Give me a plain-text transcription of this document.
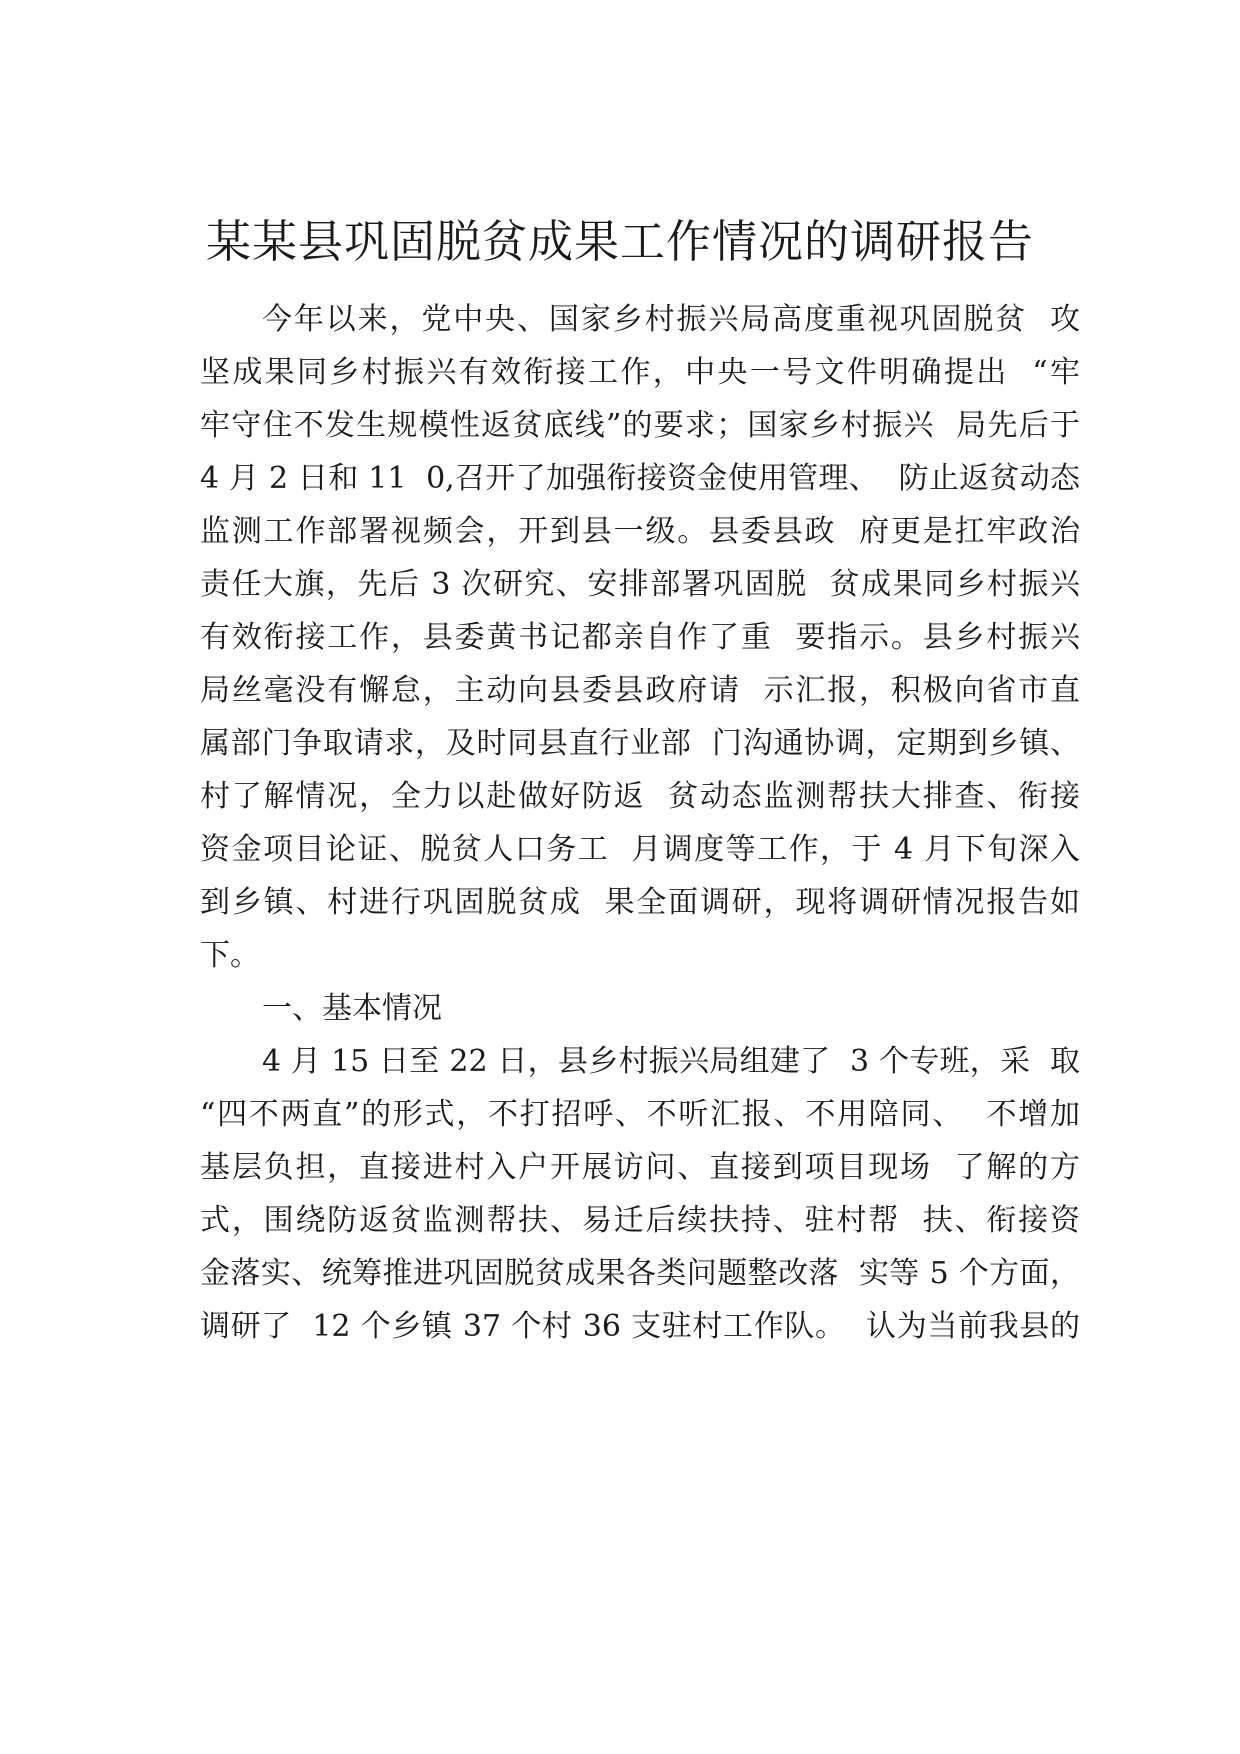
某某县巩固脱贫成果工作情况的调研报告
今年以来，党中央、国家乡村振兴局高度重视巩固脱贫  攻
坚成果同乡村振兴有效衔接工作，中央一号文件明确提出  “牢
牢守住不发生规模性返贫底线”的要求；国家乡村振兴  局先后于
4 月 2 日和 11  0,召开了加强衔接资金使用管理、  防止返贫动态
监测工作部署视频会，开到县一级。县委县政  府更是扛牢政治
责任大旗，先后 3 次研究、安排部署巩固脱  贫成果同乡村振兴
有效衔接工作，县委黄书记都亲自作了重  要指示。县乡村振兴
局丝毫没有懈怠，主动向县委县政府请  示汇报，积极向省市直
属部门争取请求，及时同县直行业部  门沟通协调，定期到乡镇、
村了解情况，全力以赴做好防返  贫动态监测帮扶大排查、衔接
资金项目论证、脱贫人口务工  月调度等工作，于 4 月下旬深入
到乡镇、村进行巩固脱贫成  果全面调研，现将调研情况报告如
下。
一、基本情况
4 月 15 日至 22 日，县乡村振兴局组建了  3 个专班，采  取
“四不两直”的形式，不打招呼、不听汇报、不用陪同、  不增加
基层负担，直接进村入户开展访问、直接到项目现场  了解的方
式，围绕防返贫监测帮扶、易迁后续扶持、驻村帮  扶、衔接资
金落实、统筹推进巩固脱贫成果各类问题整改落  实等 5 个方面，
调研了  12 个乡镇 37 个村 36 支驻村工作队。  认为当前我县的
